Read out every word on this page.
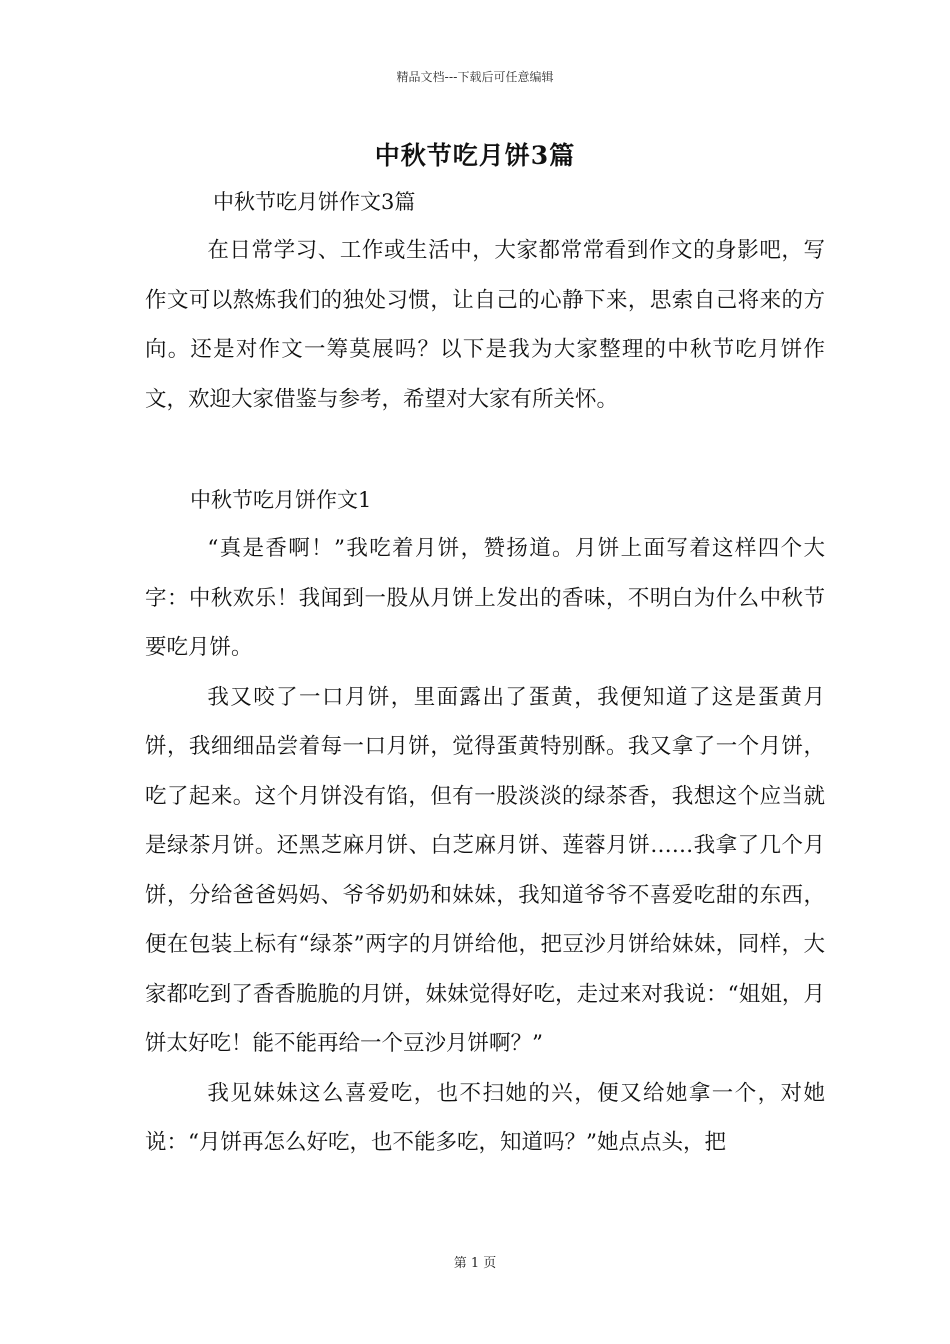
精品文档---下载后可任意编辑
中秋节吃月饼3篇
中秋节吃月饼作文3篇

在日常学习、工作或生活中，大家都常常看到作文的身影吧，写作文可以熬炼我们的独处习惯，让自己的心静下来，思索自己将来的方向。还是对作文一筹莫展吗？以下是我为大家整理的中秋节吃月饼作文，欢迎大家借鉴与参考，希望对大家有所关怀。

中秋节吃月饼作文1

“真是香啊！”我吃着月饼，赞扬道。月饼上面写着这样四个大字：中秋欢乐！我闻到一股从月饼上发出的香味，不明白为什么中秋节要吃月饼。

我又咬了一口月饼，里面露出了蛋黄，我便知道了这是蛋黄月饼，我细细品尝着每一口月饼，觉得蛋黄特别酥。我又拿了一个月饼，吃了起来。这个月饼没有馅，但有一股淡淡的绿茶香，我想这个应当就是绿茶月饼。还黑芝麻月饼、白芝麻月饼、莲蓉月饼……我拿了几个月饼，分给爸爸妈妈、爷爷奶奶和妹妹，我知道爷爷不喜爱吃甜的东西，便在包装上标有“绿茶”两字的月饼给他，把豆沙月饼给妹妹，同样，大家都吃到了香香脆脆的月饼，妹妹觉得好吃，走过来对我说：“姐姐，月饼太好吃！能不能再给一个豆沙月饼啊？”

我见妹妹这么喜爱吃，也不扫她的兴，便又给她拿一个，对她说：“月饼再怎么好吃，也不能多吃，知道吗？”她点点头，把

第 1 页
